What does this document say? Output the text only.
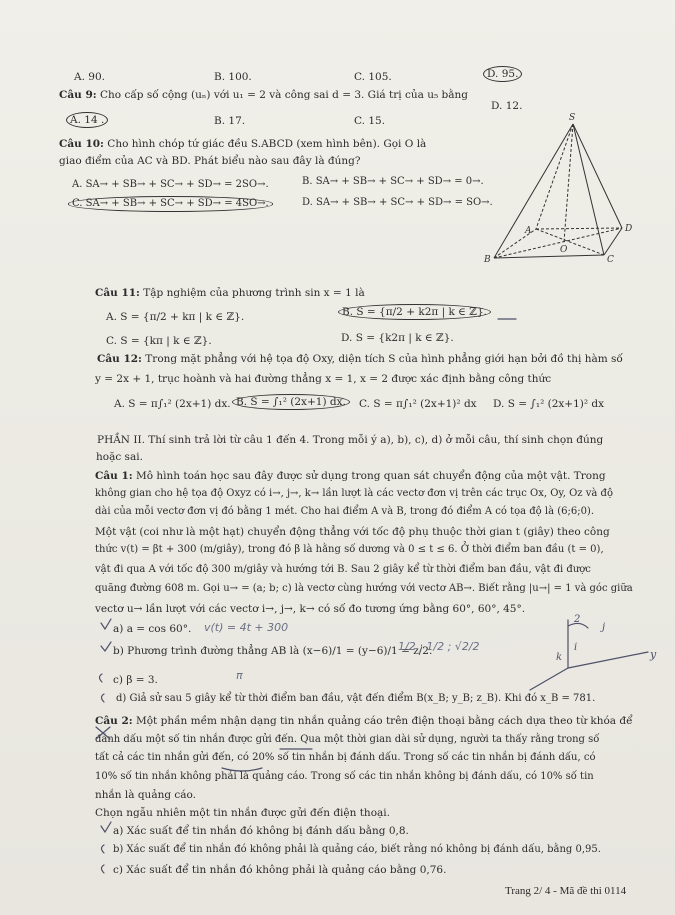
A. 90.	B. 100.	C. 105.	D. 95.
Câu 9: Cho cấp số cộng (uₙ) với u₁ = 2 và công sai d = 3. Giá trị của u₅ bằng
A. 14 .	B. 17.	C. 15.
D. 12.
Câu 10: Cho hình chóp tứ giác đều S.ABCD (xem hình bên). Gọi O là
giao điểm của AC và BD. Phát biểu nào sau đây là đúng?
A. SA→ + SB→ + SC→ + SD→ = 2SO→.	B. SA→ + SB→ + SC→ + SD→ = 0→.
C. SA→ + SB→ + SC→ + SD→ = 4SO→.	D. SA→ + SB→ + SC→ + SD→ = SO→.
S
A
B	C
D
O
Câu 11: Tập nghiệm của phương trình sin x = 1 là
A. S = {π/2 + kπ | k ∈ ℤ}.	B. S = {π/2 + k2π | k ∈ ℤ}.
C. S = {kπ | k ∈ ℤ}.	D. S = {k2π | k ∈ ℤ}.
Câu 12: Trong mặt phẳng với hệ tọa độ Oxy, diện tích S của hình phẳng giới hạn bởi đồ thị hàm số
y = 2x + 1, trục hoành và hai đường thẳng x = 1, x = 2 được xác định bằng công thức
A. S = π∫₁² (2x+1) dx. B. S = ∫₁² (2x+1) dx.	C. S = π∫₁² (2x+1)² dx D. S = ∫₁² (2x+1)² dx
PHẦN II. Thí sinh trả lời từ câu 1 đến 4. Trong mỗi ý a), b), c), d) ở mỗi câu, thí sinh chọn đúng
hoặc sai.
Câu 1: Mô hình toán học sau đây được sử dụng trong quan sát chuyển động của một vật. Trong
không gian cho hệ tọa độ Oxyz có i→, j→, k→ lần lượt là các vectơ đơn vị trên các trục Ox, Oy, Oz và độ
dài của mỗi vectơ đơn vị đó bằng 1 mét. Cho hai điểm A và B, trong đó điểm A có tọa độ là (6;6;0).
Một vật (coi như là một hạt) chuyển động thẳng với tốc độ phụ thuộc thời gian t (giây) theo công
thức v(t) = βt + 300 (m/giây), trong đó β là hằng số dương và 0 ≤ t ≤ 6. Ở thời điểm ban đầu (t = 0),
vật đi qua A với tốc độ 300 m/giây và hướng tới B. Sau 2 giây kể từ thời điểm ban đầu, vật đi được
quãng đường 608 m. Gọi u→ = (a; b; c) là vectơ cùng hướng với vectơ AB→. Biết rằng |u→| = 1 và góc giữa
vectơ u→ lần lượt với các vectơ i→, j→, k→ có số đo tương ứng bằng 60°, 60°, 45°.
a) a = cos 60°.
b) Phương trình đường thẳng AB là (x−6)/1 = (y−6)/1 = z/2.
c) β = 3.
d) Giả sử sau 5 giây kể từ thời điểm ban đầu, vật đến điểm B(x_B; y_B; z_B). Khi đó x_B = 781.
Câu 2: Một phần mềm nhận dạng tin nhắn quảng cáo trên điện thoại bằng cách dựa theo từ khóa để
đánh dấu một số tin nhắn được gửi đến. Qua một thời gian dài sử dụng, người ta thấy rằng trong số
tất cả các tin nhắn gửi đến, có 20% số tin nhắn bị đánh dấu. Trong số các tin nhắn bị đánh dấu, có
10% số tin nhắn không phải là quảng cáo. Trong số các tin nhắn không bị đánh dấu, có 10% số tin
nhắn là quảng cáo.
Chọn ngẫu nhiên một tin nhắn được gửi đến điện thoại.
a) Xác suất để tin nhắn đó không bị đánh dấu bằng 0,8.
b) Xác suất để tin nhắn đó không phải là quảng cáo, biết rằng nó không bị đánh dấu, bằng 0,95.
c) Xác suất để tin nhắn đó không phải là quảng cáo bằng 0,76.
v(t) = 4t + 300
1/2 ; 1/2 ; √2/2
π
2
y
i
j
k
Trang 2/ 4 - Mã đề thi 0114
